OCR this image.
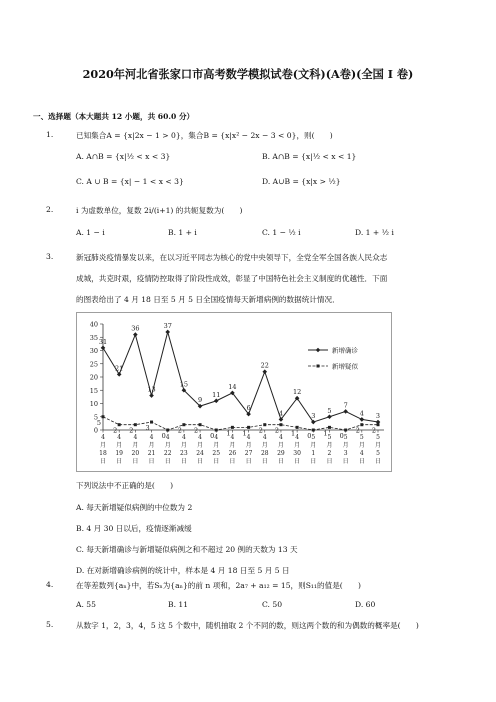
2020年河北省张家口市高考数学模拟试卷(文科)(A卷)(全国 I 卷)
一、选择题（本大题共 12 小题，共 60.0 分）
1.	已知集合A = {x|2x − 1 > 0}，集合B = {x|x² − 2x − 3 < 0}，则(　　)
A. A∩B = {x|½ < x < 3}	B. A∩B = {x|½ < x < 1}
C. A ∪ B = {x| − 1 < x < 3}	D. A∪B = {x|x > ½}
2.	i 为虚数单位，复数 2i/(i+1) 的共轭复数为(　　)
A. 1 − i	B. 1 + i	C. 1 − ½ i	D. 1 + ½ i
3.	新冠肺炎疫情暴发以来，在以习近平同志为核心的党中央领导下，全党全军全国各族人民众志
成城，共克时艰，疫情防控取得了阶段性成效，彰显了中国特色社会主义制度的优越性．下面
的图表给出了 4 月 18 日至 5 月 5 日全国疫情每天新增病例的数据统计情况．
0
5
10
15
20
25
30
35
40
4
月
18
日
4
月
19
日
4
月
20
日
4
月
21
日
4
月
22
日
4
月
23
日
4
月
24
日
4
月
25
日
4
月
26
日
4
月
27
日
4
月
28
日
4
月
29
日
4
月
30
日
5
月
1
日
5
月
2
日
5
月
3
日
5
月
4
日
5
月
5
日
31
21
36
13
37
15
9
11
14
6
22
4
12
3
5
7
4 3
5
2 2 3
0
2 2
0 1 1 2 2 1 0 1 0
2 2
新增确诊
新增疑似
下列说法中不正确的是(　　)
A. 每天新增疑似病例的中位数为 2
B. 4 月 30 日以后，疫情逐渐减缓
C. 每天新增确诊与新增疑似病例之和不超过 20 例的天数为 13 天
D. 在对新增确诊病例的统计中，样本是 4 月 18 日至 5 月 5 日
4.	在等差数列{aₙ}中，若Sₙ为{aₙ}的前 n 项和，2a₇ + a₁₂ = 15，则S₁₁的值是(　　)
A. 55	B. 11	C. 50	D. 60
5.	从数字 1，2，3，4，5 这 5 个数中，随机抽取 2 个不同的数，则这两个数的和为偶数的概率是(　　)
